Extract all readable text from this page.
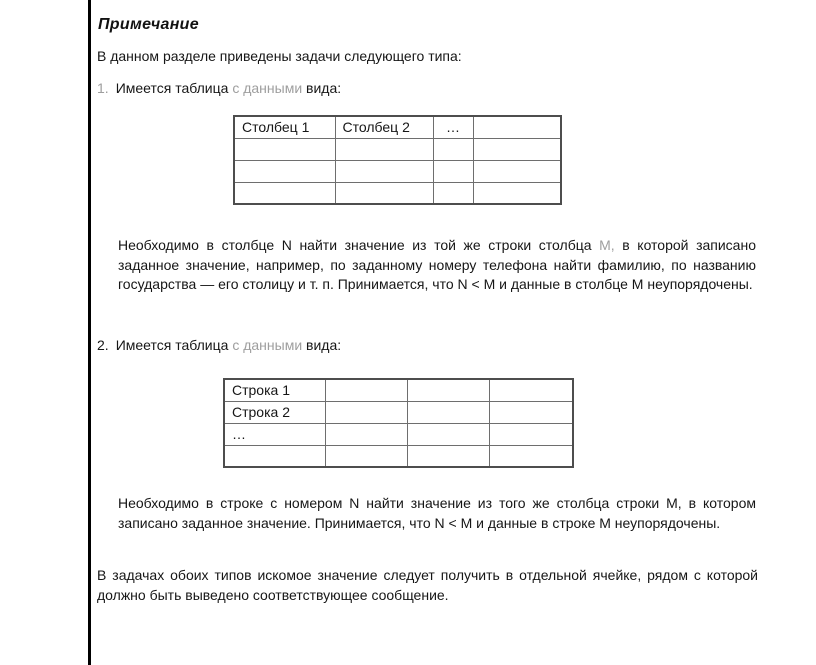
Примечание

В данном разделе приведены задачи следующего типа:

1. Имеется таблица с данными вида:
Столбец 1	Столбец 2	…	

Необходимо в столбце N найти значение из той же строки столбца М, в которой записано заданное значение, например, по заданному номеру телефона найти фамилию, по названию государства — его столицу и т. п. Принимается, что N < M и данные в столбце М неупорядочены.

2. Имеется таблица с данными вида:
Строка 1			
Строка 2			
…			

Необходимо в строке с номером N найти значение из того же столбца строки М, в котором записано заданное значение. Принимается, что N < M и данные в строке М неупорядочены.

В задачах обоих типов искомое значение следует получить в отдельной ячейке, рядом с которой должно быть выведено соответствующее сообщение.
